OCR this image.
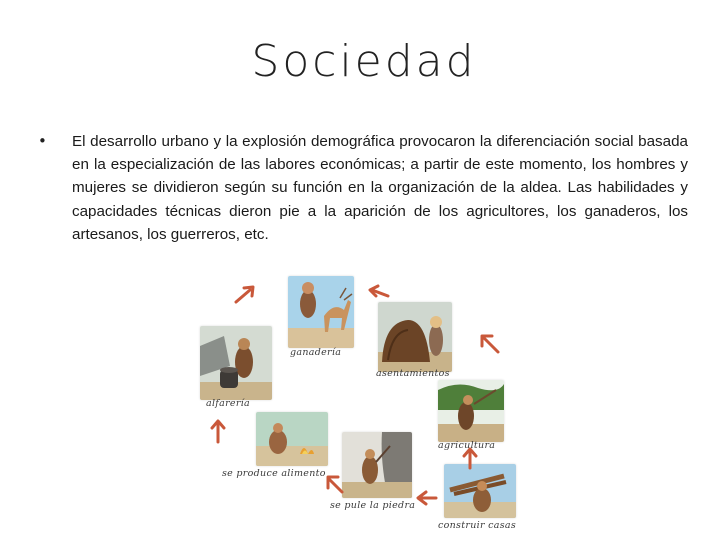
Sociedad
• El desarrollo urbano y la explosión demográfica provocaron la diferenciación social basada en la especialización de las labores económicas; a partir de este momento, los hombres y mujeres se dividieron según su función en la organización de la aldea. Las habilidades y capacidades técnicas dieron pie a la aparición de los agricultores, los ganaderos, los artesanos, los guerreros, etc.
ganadería
asentamientos
alfarería
agricultura
se produce alimento
se pule la piedra
construir casas
